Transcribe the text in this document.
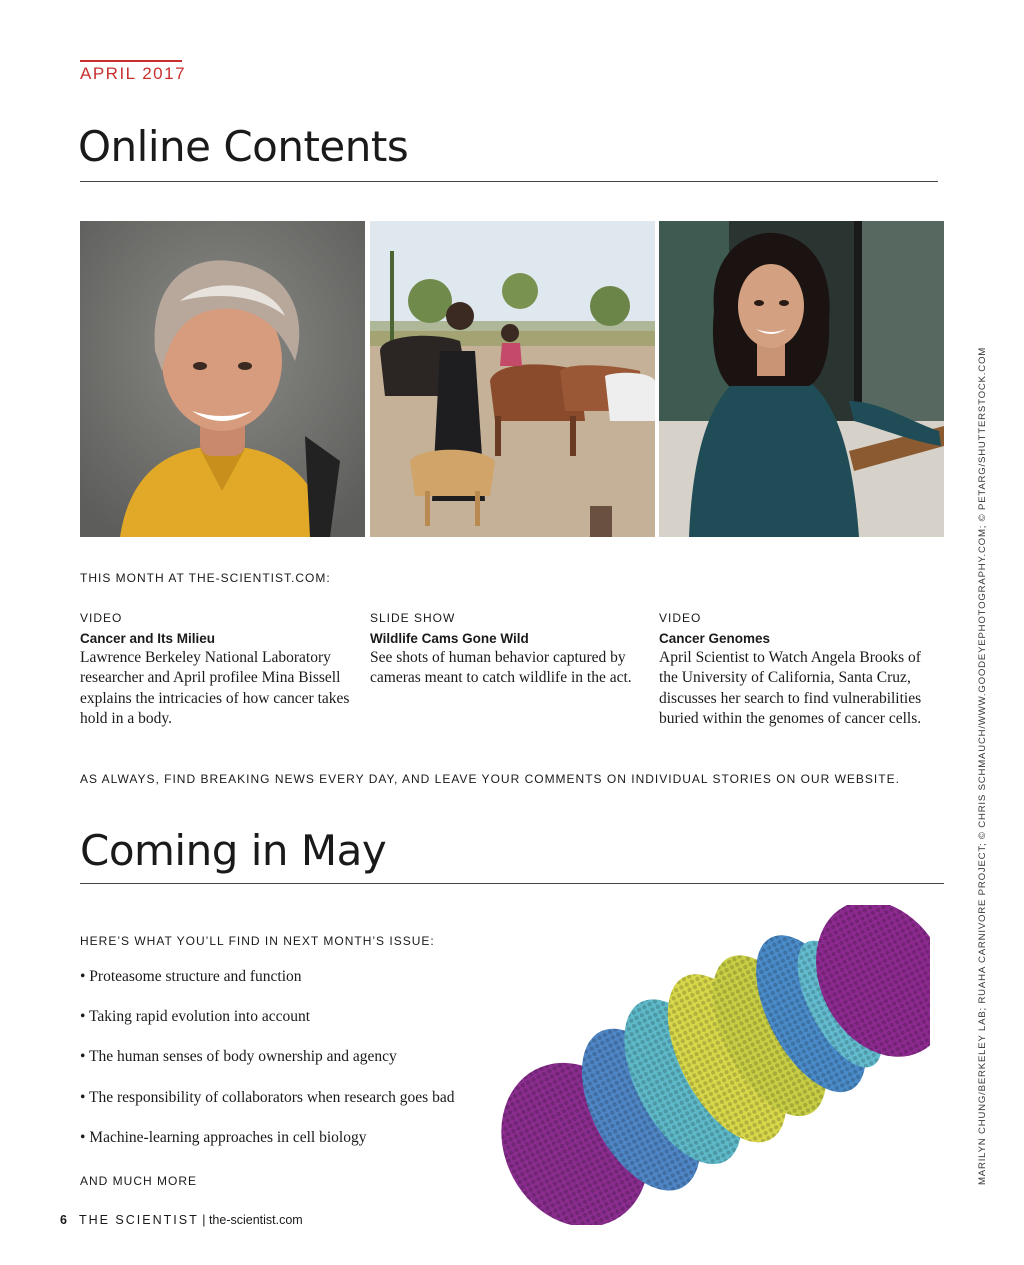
APRIL 2017
Online Contents
THIS MONTH AT THE-SCIENTIST.COM:
VIDEO
Cancer and Its Milieu
Lawrence Berkeley National Laboratory researcher and April profilee Mina Bissell explains the intricacies of how cancer takes hold in a body.
SLIDE SHOW
Wildlife Cams Gone Wild
See shots of human behavior captured by cameras meant to catch wildlife in the act.
VIDEO
Cancer Genomes
April Scientist to Watch Angela Brooks of the University of California, Santa Cruz, discusses her search to find vulnerabilities buried within the genomes of cancer cells.
AS ALWAYS, FIND BREAKING NEWS EVERY DAY, AND LEAVE YOUR COMMENTS ON INDIVIDUAL STORIES ON OUR WEBSITE.
Coming in May
HERE’S WHAT YOU’LL FIND IN NEXT MONTH’S ISSUE:
• Proteasome structure and function
• Taking rapid evolution into account
• The human senses of body ownership and agency
• The responsibility of collaborators when research goes bad
• Machine-learning approaches in cell biology
AND MUCH MORE
6 THE SCIENTIST | the-scientist.com
MARILYN CHUNG/BERKELEY LAB; RUAHA CARNIVORE PROJECT; © CHRIS SCHMAUCH/WWW.GOODEYEPHOTOGRAPHY.COM; © PETARG/SHUTTERSTOCK.COM
